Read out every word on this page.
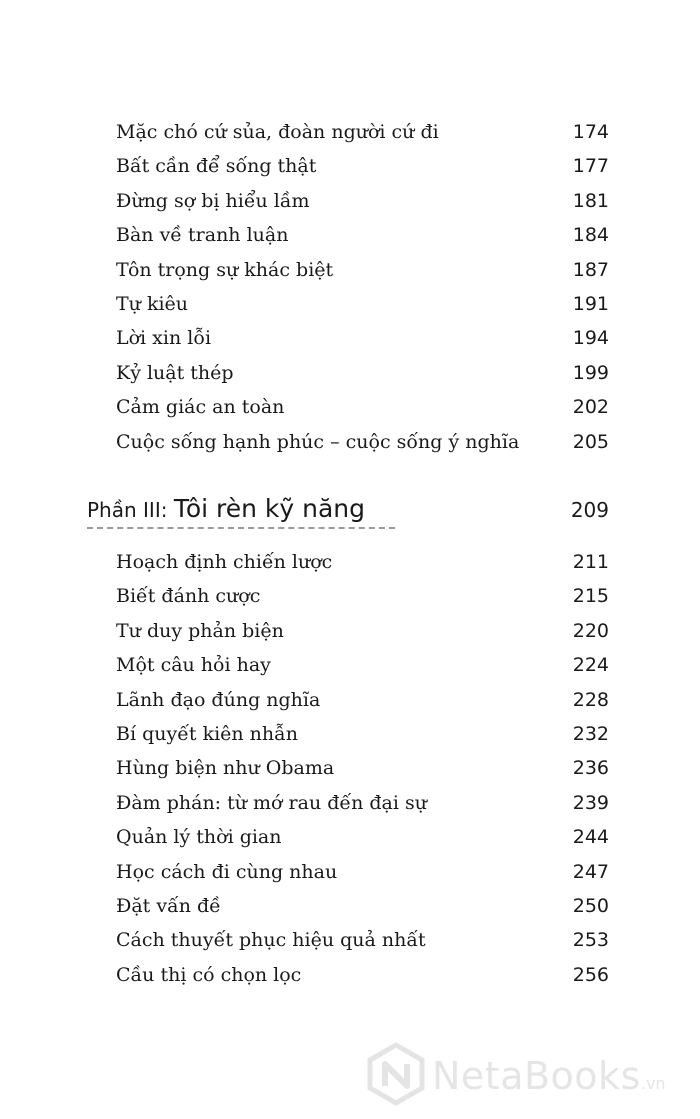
Mặc chó cứ sủa, đoàn người cứ đi	174
Bất cần để sống thật	177
Đừng sợ bị hiểu lầm	181
Bàn về tranh luận	184
Tôn trọng sự khác biệt	187
Tự kiêu	191
Lời xin lỗi	194
Kỷ luật thép	199
Cảm giác an toàn	202
Cuộc sống hạnh phúc – cuộc sống ý nghĩa	205
Phần III: Tôi rèn kỹ năng	209
Hoạch định chiến lược	211
Biết đánh cược	215
Tư duy phản biện	220
Một câu hỏi hay	224
Lãnh đạo đúng nghĩa	228
Bí quyết kiên nhẫn	232
Hùng biện như Obama	236
Đàm phán: từ mớ rau đến đại sự	239
Quản lý thời gian	244
Học cách đi cùng nhau	247
Đặt vấn đề	250
Cách thuyết phục hiệu quả nhất	253
Cầu thị có chọn lọc	256
NetaBooks.vn
